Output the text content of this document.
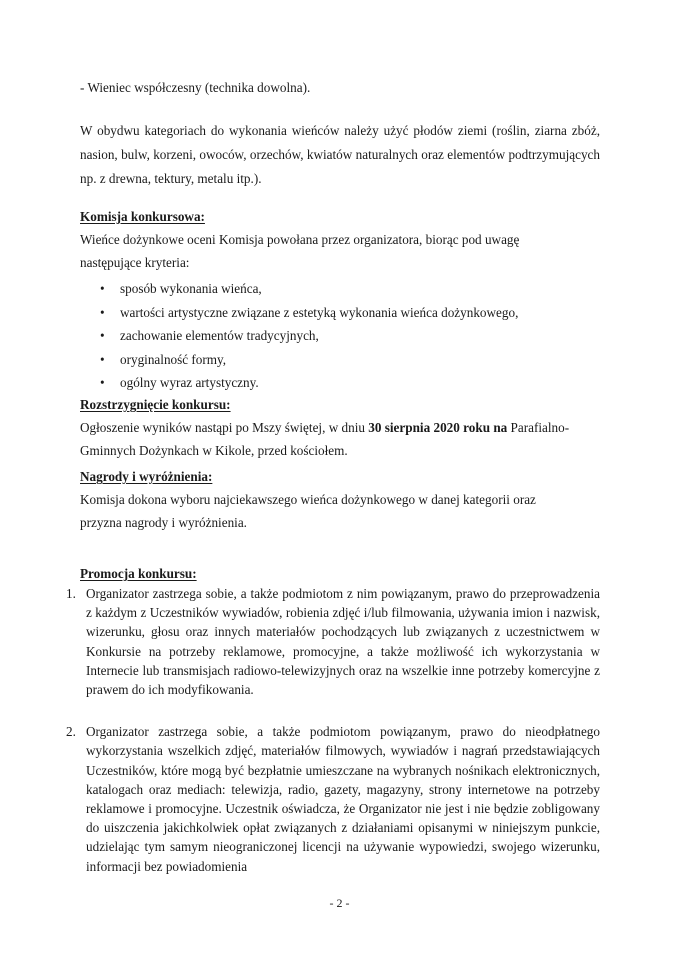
- Wieniec współczesny (technika dowolna).
W obydwu kategoriach do wykonania wieńców należy użyć płodów ziemi (roślin, ziarna zbóż, nasion, bulw, korzeni, owoców, orzechów, kwiatów naturalnych oraz elementów podtrzymujących np. z drewna, tektury, metalu itp.).
Komisja konkursowa:
Wieńce dożynkowe oceni Komisja powołana przez organizatora, biorąc pod uwagę następujące kryteria:
• sposób wykonania wieńca,
• wartości artystyczne związane z estetyką wykonania wieńca dożynkowego,
• zachowanie elementów tradycyjnych,
• oryginalność formy,
• ogólny wyraz artystyczny.
Rozstrzygnięcie konkursu:
Ogłoszenie wyników nastąpi po Mszy świętej, w dniu 30 sierpnia 2020 roku na Parafialno-Gminnych Dożynkach w Kikole, przed kościołem.
Nagrody i wyróżnienia:
Komisja dokona wyboru najciekawszego wieńca dożynkowego w danej kategorii oraz przyzna nagrody i wyróżnienia.
Promocja konkursu:
1. Organizator zastrzega sobie, a także podmiotom z nim powiązanym, prawo do przeprowadzenia z każdym z Uczestników wywiadów, robienia zdjęć i/lub filmowania, używania imion i nazwisk, wizerunku, głosu oraz innych materiałów pochodzących lub związanych z uczestnictwem w Konkursie na potrzeby reklamowe, promocyjne, a także możliwość ich wykorzystania w Internecie lub transmisjach radiowo-telewizyjnych oraz na wszelkie inne potrzeby komercyjne z prawem do ich modyfikowania.
2. Organizator zastrzega sobie, a także podmiotom powiązanym, prawo do nieodpłatnego wykorzystania wszelkich zdjęć, materiałów filmowych, wywiadów i nagrań przedstawiających Uczestników, które mogą być bezpłatnie umieszczane na wybranych nośnikach elektronicznych, katalogach oraz mediach: telewizja, radio, gazety, magazyny, strony internetowe na potrzeby reklamowe i promocyjne. Uczestnik oświadcza, że Organizator nie jest i nie będzie zobligowany do uiszczenia jakichkolwiek opłat związanych z działaniami opisanymi w niniejszym punkcie, udzielając tym samym nieograniczonej licencji na używanie wypowiedzi, swojego wizerunku, informacji bez powiadomienia
- 2 -
